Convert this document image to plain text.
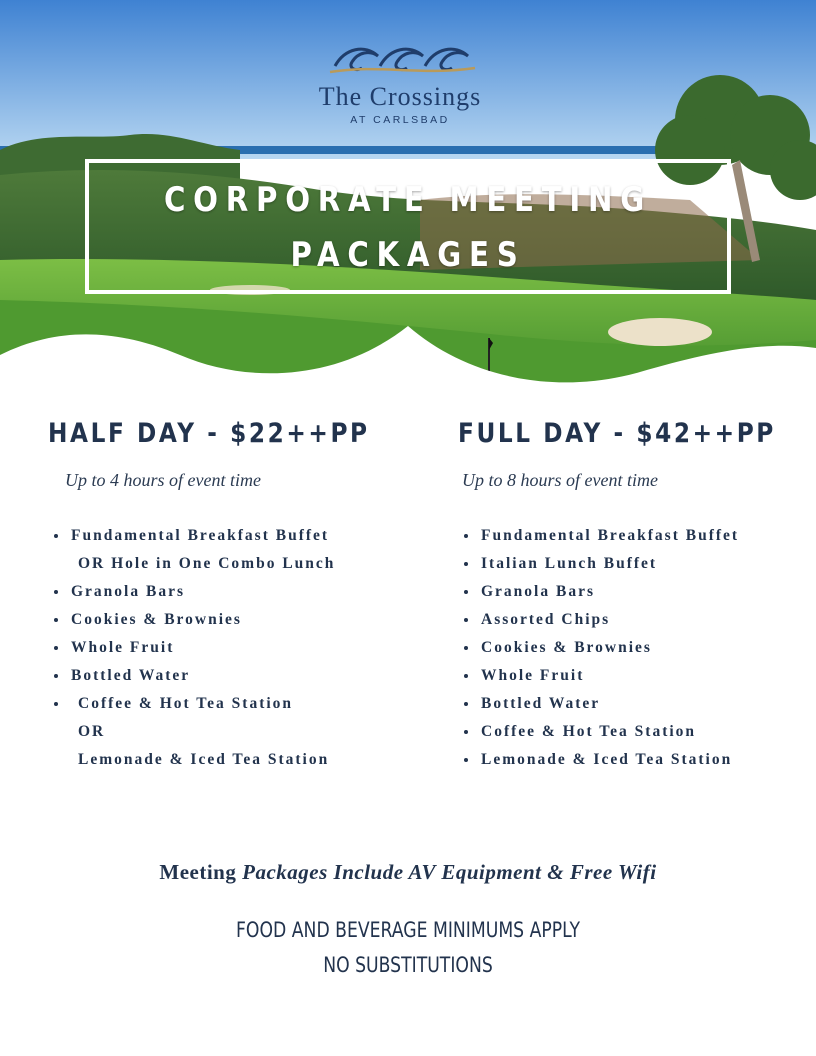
The Crossings
AT CARLSBAD
CORPORATE MEETING
PACKAGES
HALF DAY - $22++PP
Up to 4 hours of event time
Fundamental Breakfast Buffet
OR Hole in One Combo Lunch
Granola Bars
Cookies & Brownies
Whole Fruit
Bottled Water
Coffee & Hot Tea Station
OR
Lemonade & Iced Tea Station
FULL DAY - $42++PP
Up to 8 hours of event time
Fundamental Breakfast Buffet
Italian Lunch Buffet
Granola Bars
Assorted Chips
Cookies & Brownies
Whole Fruit
Bottled Water
Coffee & Hot Tea Station
Lemonade & Iced Tea Station
Meeting Packages Include AV Equipment & Free Wifi
FOOD AND BEVERAGE MINIMUMS APPLY
NO SUBSTITUTIONS
